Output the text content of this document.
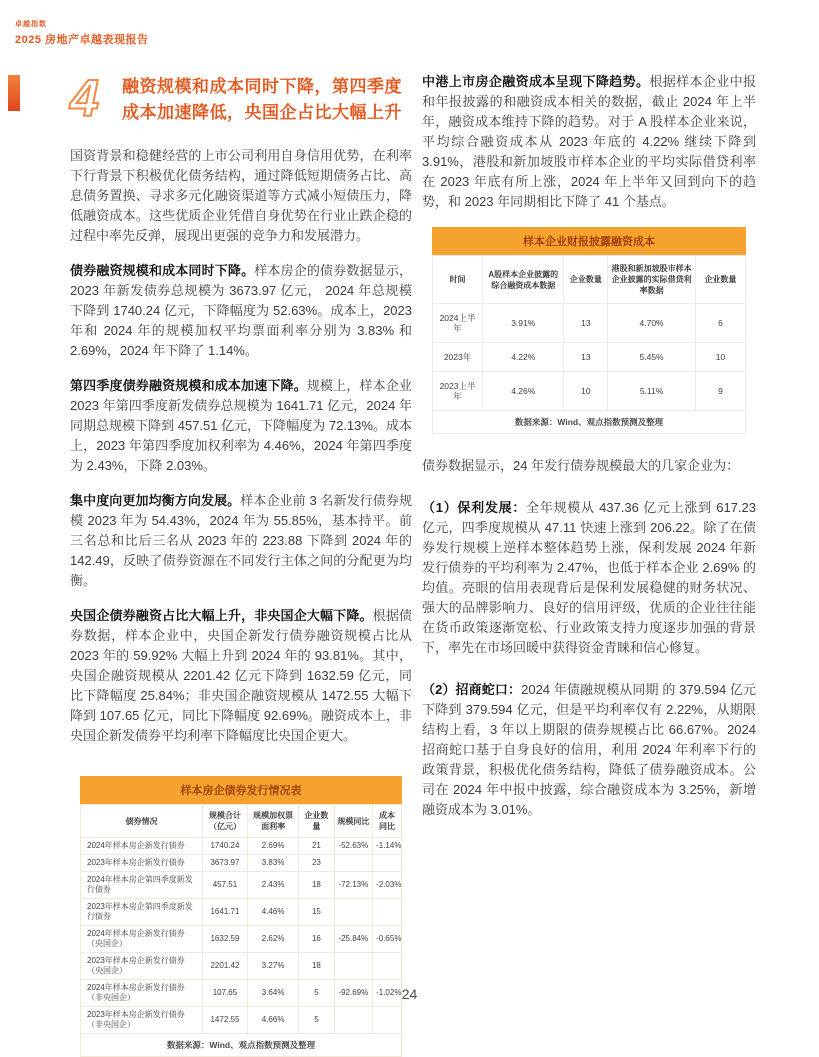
卓越指数
2025 房地产卓越表现报告
4	融资规模和成本同时下降，第四季度
成本加速降低，央国企占比大幅上升

国资背景和稳健经营的上市公司利用自身信用优势，在利率下行背景下积极优化债务结构，通过降低短期债务占比、高息债务置换、寻求多元化融资渠道等方式减小短债压力，降低融资成本。这些优质企业凭借自身优势在行业止跌企稳的过程中率先反弹，展现出更强的竞争力和发展潜力。

债券融资规模和成本同时下降。样本房企的债券数据显示，2023 年新发债券总规模为 3673.97 亿元， 2024 年总规模下降到 1740.24 亿元，下降幅度为 52.63%。成本上，2023 年和 2024 年的规模加权平均票面利率分别为 3.83% 和 2.69%，2024 年下降了 1.14%。

第四季度债券融资规模和成本加速下降。规模上，样本企业 2023 年第四季度新发债券总规模为 1641.71 亿元，2024 年同期总规模下降到 457.51 亿元，下降幅度为 72.13%。成本上，2023 年第四季度加权利率为 4.46%，2024 年第四季度为 2.43%，下降 2.03%。

集中度向更加均衡方向发展。样本企业前 3 名新发行债券规模 2023 年为 54.43%，2024 年为 55.85%，基本持平。前三名总和比后三名从 2023 年的 223.88 下降到 2024 年的 142.49，反映了债券资源在不同发行主体之间的分配更为均衡。

央国企债券融资占比大幅上升，非央国企大幅下降。根据债券数据，样本企业中，央国企新发行债券融资规模占比从 2023 年的 59.92% 大幅上升到 2024 年的 93.81%。其中，央国企融资规模从 2201.42 亿元下降到 1632.59 亿元，同比下降幅度 25.84%；非央国企融资规模从 1472.55 大幅下降到 107.65 亿元，同比下降幅度 92.69%。融资成本上，非央国企新发债券平均利率下降幅度比央国企更大。

样本房企债券发行情况表
债券情况	规模合计（亿元）	规模加权票面利率	企业数量	规模同比	成本同比
2024年样本房企新发行债券	1740.24	2.69%	21	-52.63%	-1.14%
2023年样本房企新发行债券	3673.97	3.83%	23		
2024年样本房企第四季度新发行债券	457.51	2.43%	18	-72.13%	-2.03%
2023年样本房企第四季度新发行债券	1641.71	4.46%	15		
2024年样本房企新发行债券（央国企）	1632.59	2.62%	16	-25.84%	-0.65%
2023年样本房企新发行债券（央国企）	2201.42	3.27%	18		
2024年样本房企新发行债券（非央国企）	107.65	3.64%	5	-92.69%	-1.02%
2023年样本房企新发行债券（非央国企）	1472.55	4.66%	5		
数据来源：Wind、观点指数预测及整理

中港上市房企融资成本呈现下降趋势。根据样本企业中报和年报披露的和融资成本相关的数据，截止 2024 年上半年，融资成本维持下降的趋势。对于 A 股样本企业来说，平均综合融资成本从 2023 年底的 4.22% 继续下降到 3.91%，港股和新加坡股市样本企业的平均实际借贷利率在 2023 年底有所上涨，2024 年上半年又回到向下的趋势，和 2023 年同期相比下降了 41 个基点。

样本企业财报披露融资成本
时间	A股样本企业披露的综合融资成本数据	企业数量	港股和新加坡股市样本企业披露的实际借贷利率数据	企业数量
2024上半年	3.91%	13	4.70%	6
2023年	4.22%	13	5.45%	10
2023上半年	4.26%	10	5.11%	9
数据来源：Wind、观点指数预测及整理

债券数据显示，24 年发行债券规模最大的几家企业为：

（1）保利发展：全年规模从 437.36 亿元上涨到 617.23 亿元，四季度规模从 47.11 快速上涨到 206.22。除了在债券发行规模上逆样本整体趋势上涨，保利发展 2024 年新发行债券的平均利率为 2.47%，也低于样本企业 2.69% 的均值。亮眼的信用表现背后是保利发展稳健的财务状况、强大的品牌影响力、良好的信用评级，优质的企业往往能在货币政策逐渐宽松、行业政策支持力度逐步加强的背景下，率先在市场回暖中获得资金青睐和信心修复。

（2）招商蛇口：2024 年债融规模从同期 的 379.594 亿元下降到 379.594 亿元，但是平均利率仅有 2.22%，从期限结构上看，3 年以上期限的债券规模占比 66.67%。2024 招商蛇口基于自身良好的信用，利用 2024 年利率下行的政策背景，积极优化债务结构，降低了债券融资成本。公司在 2024 年中报中披露，综合融资成本为 3.25%，新增融资成本为 3.01%。

24
